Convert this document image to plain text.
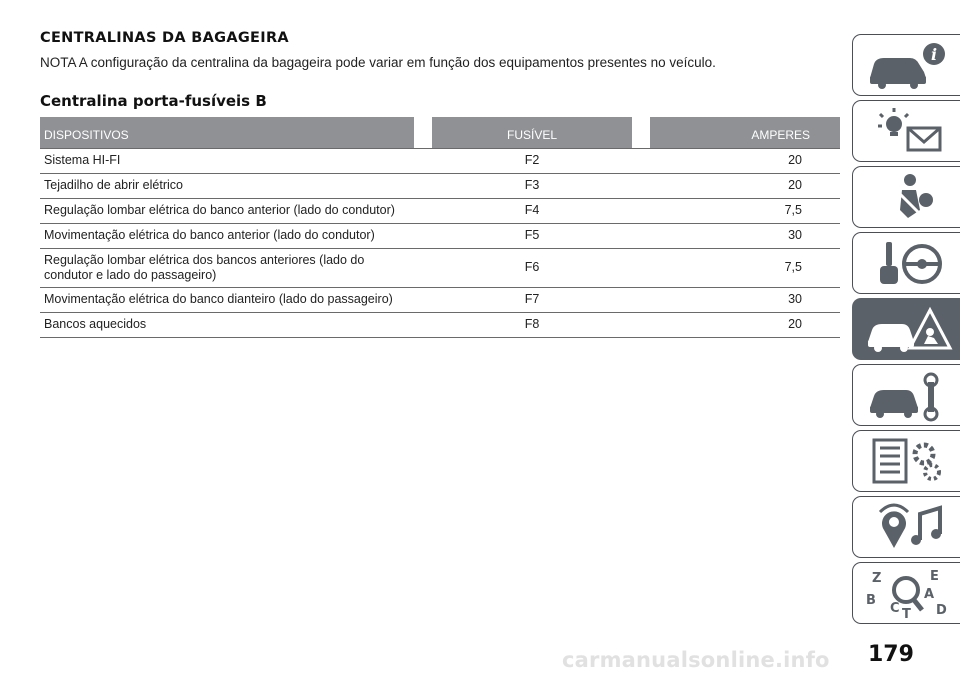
CENTRALINAS DA BAGAGEIRA

NOTA A configuração da centralina da bagageira pode variar em função dos equipamentos presentes no veículo.

Centralina porta-fusíveis B
DISPOSITIVOS		FUSÍVEL		AMPERES
Sistema HI-FI		F2		20
Tejadilho de abrir elétrico		F3		20
Regulação lombar elétrica do banco anterior (lado do condutor)		F4		7,5
Movimentação elétrica do banco anterior (lado do condutor)		F5		30
Regulação lombar elétrica dos bancos anteriores (lado do condutor e lado do passageiro)		F6		7,5
Movimentação elétrica do banco dianteiro (lado do passageiro)		F7		30
Bancos aquecidos		F8		20
i
Z	E
A
B
C	D
T
carmanualsonline.info 179
